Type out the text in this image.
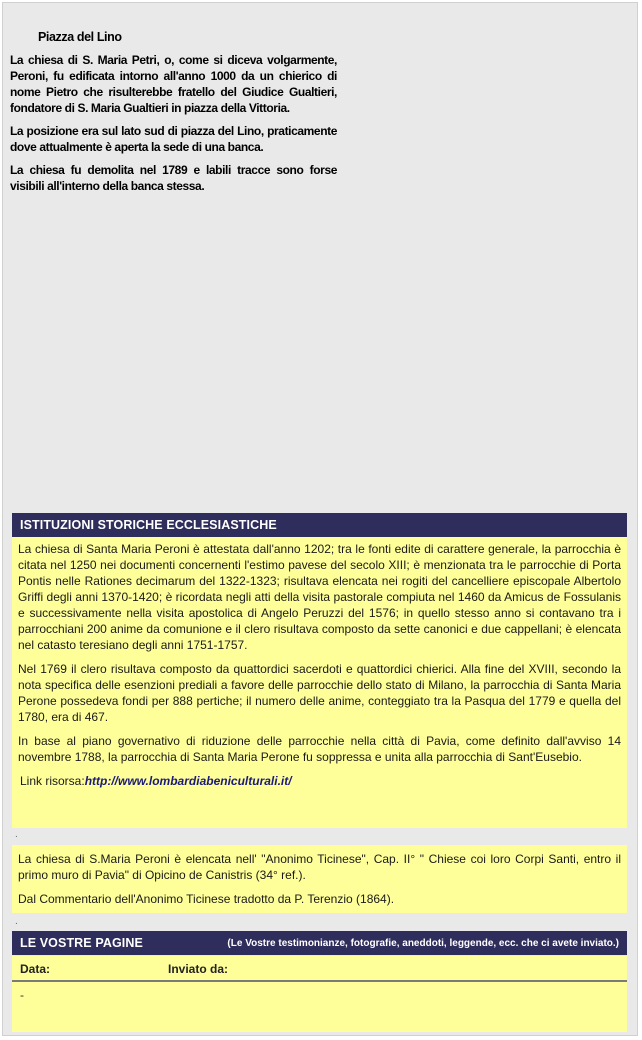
Piazza del Lino

La chiesa di S. Maria Petri, o, come si diceva volgarmente, Peroni, fu edificata intorno all'anno 1000 da un chierico di nome Pietro che risulterebbe fratello del Giudice Gualtieri, fondatore di S. Maria Gualtieri in piazza della Vittoria.

La posizione era sul lato sud di piazza del Lino, praticamente dove attualmente è aperta la sede di una banca.

La chiesa fu demolita nel 1789 e labili tracce sono forse visibili all'interno della banca stessa.

ISTITUZIONI STORICHE ECCLESIASTICHE

La chiesa di Santa Maria Peroni è attestata dall'anno 1202; tra le fonti edite di carattere generale, la parrocchia è citata nel 1250 nei documenti concernenti l'estimo pavese del secolo XIII; è menzionata tra le parrocchie di Porta Pontis nelle Rationes decimarum del 1322-1323; risultava elencata nei rogiti del cancelliere episcopale Albertolo Griffi degli anni 1370-1420; è ricordata negli atti della visita pastorale compiuta nel 1460 da Amicus de Fossulanis e successivamente nella visita apostolica di Angelo Peruzzi del 1576; in quello stesso anno si contavano tra i parrocchiani 200 anime da comunione e il clero risultava composto da sette canonici e due cappellani; è elencata nel catasto teresiano degli anni 1751-1757.

Nel 1769 il clero risultava composto da quattordici sacerdoti e quattordici chierici. Alla fine del XVIII, secondo la nota specifica delle esenzioni prediali a favore delle parrocchie dello stato di Milano, la parrocchia di Santa Maria Perone possedeva fondi per 888 pertiche; il numero delle anime, conteggiato tra la Pasqua del 1779 e quella del 1780, era di 467.

In base al piano governativo di riduzione delle parrocchie nella città di Pavia, come definito dall'avviso 14 novembre 1788, la parrocchia di Santa Maria Perone fu soppressa e unita alla parrocchia di Sant'Eusebio.

Link risorsa:http://www.lombardiabeniculturali.it/
.

La chiesa di S.Maria Peroni è elencata nell' "Anonimo Ticinese", Cap. II° " Chiese coi loro Corpi Santi, entro il primo muro di Pavia" di Opicino de Canistris (34° ref.).

Dal Commentario dell'Anonimo Ticinese tradotto da P. Terenzio (1864).

.
LE VOSTRE PAGINE	(Le Vostre testimonianze, fotografie, aneddoti, leggende, ecc. che ci avete inviato.)
Data:	Inviato da:
-
